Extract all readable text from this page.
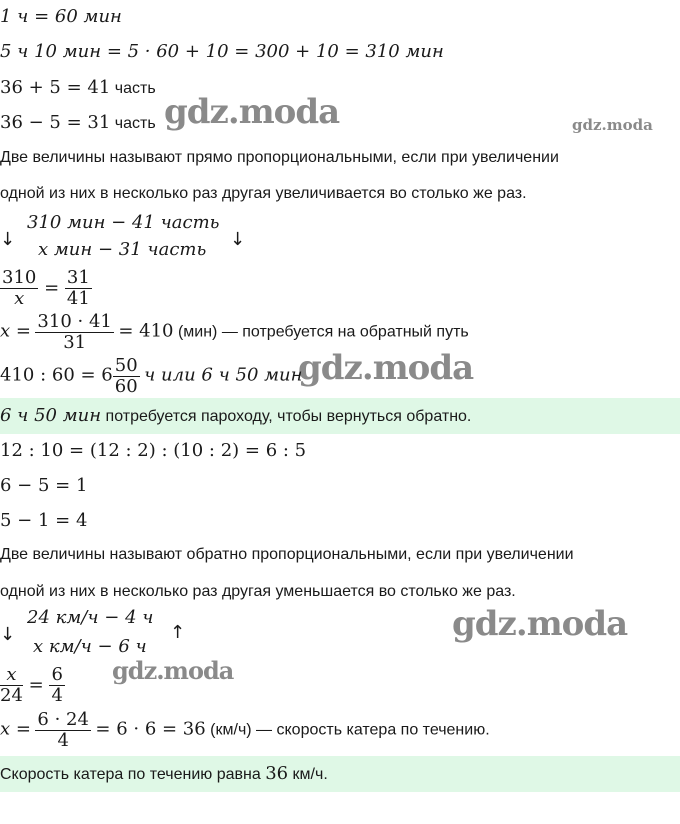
1 ч = 60 мин
5 ч 10 мин = 5 · 60 + 10 = 300 + 10 = 310 мин
36 + 5 = 41 часть
36 − 5 = 31 часть gdz.moda	gdz.moda
gdz.moda
gdz.moda
gdz.moda
Две величины называют прямо пропорциональными, если при увеличении
одной из них в несколько раз другая увеличивается во столько же раз.
↓
310 мин − 41 часть
x мин − 31 часть ↓
$\frac{310}{x} = \frac{31}{41}$
$x = \frac{310 \cdot 41}{31} = 410$ (мин) — потребуется на обратный путь
410 : $60 = 6 \frac{50}{60}$ ч или 6 ч 50 мин
6 ч 50 мин потребуется пароходу, чтобы вернуться обратно.
12 : 10 = (12 : 2) : (10 : 2) = 6 : 5
6 − 5 = 1
5 − 1 = 4
Две величины называют обратно пропорциональными, если при увеличении
одной из них в несколько раз другая уменьшается во столько же раз.
↓
24 км/ч − 4 ч
x км/ч − 6 ч
↑
$\frac{x}{24} = \frac{6}{4}$
$x = \frac{6 \cdot 24}{4} = 6 \cdot 6 = 36$ (км/ч) — скорость катера по течению.
Скорость катера по течению равна 36 км/ч.
